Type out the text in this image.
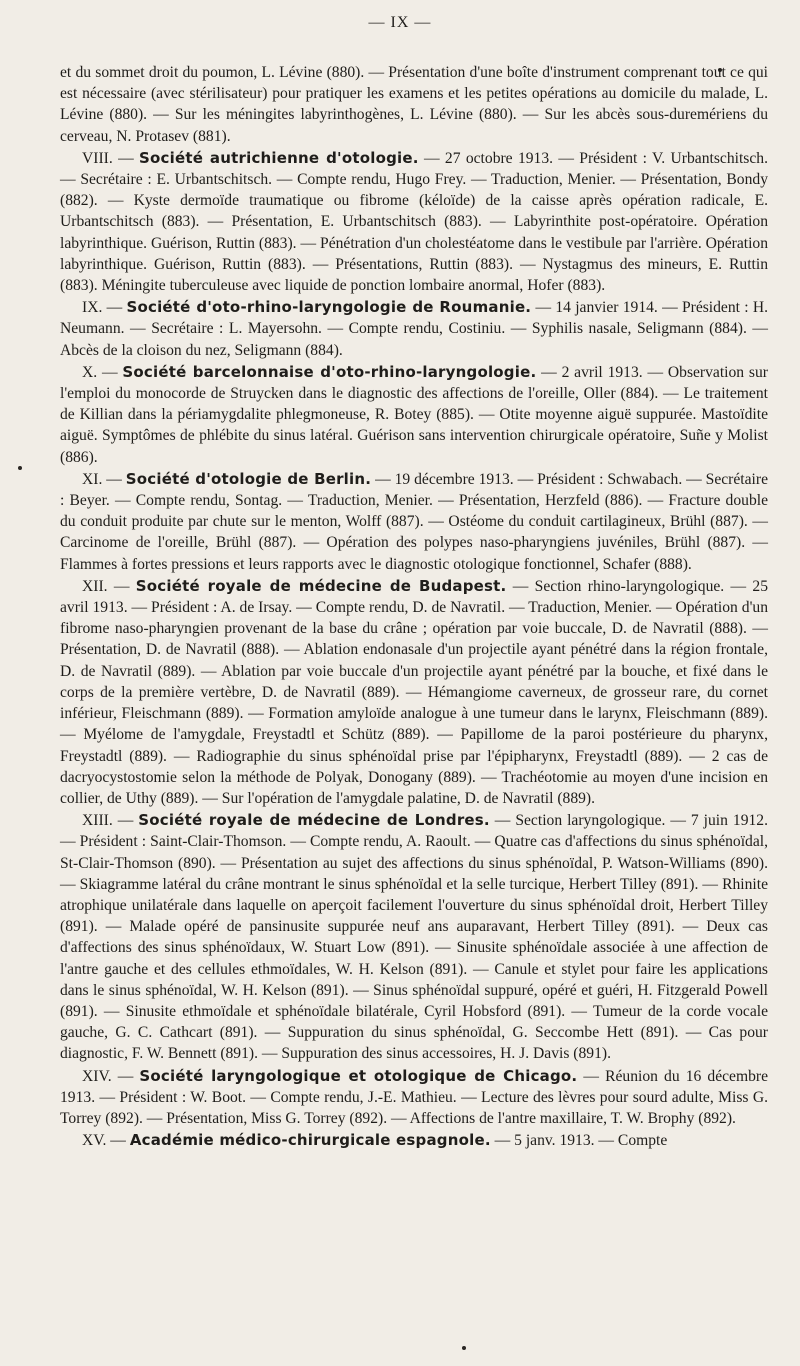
— IX —

et du sommet droit du poumon, L. Lévine (880). — Présentation d'une boîte d'instrument comprenant tout ce qui est nécessaire (avec stérilisateur) pour pratiquer les examens et les petites opérations au domicile du malade, L. Lévine (880). — Sur les méningites labyrinthogènes, L. Lévine (880). — Sur les abcès sous-duremériens du cerveau, N. Protasev (881).

VIII. — Société autrichienne d'otologie. — 27 octobre 1913. — Président : V. Urbantschitsch. — Secrétaire : E. Urbantschitsch. — Compte rendu, Hugo Frey. — Traduction, Menier. — Présentation, Bondy (882). — Kyste dermoïde traumatique ou fibrome (kéloïde) de la caisse après opération radicale, E. Urbantschitsch (883). — Présentation, E. Urbantschitsch (883). — Labyrinthite post-opératoire. Opération labyrinthique. Guérison, Ruttin (883). — Pénétration d'un cholestéatome dans le vestibule par l'arrière. Opération labyrinthique. Guérison, Ruttin (883). — Présentations, Ruttin (883). — Nystagmus des mineurs, E. Ruttin (883). Méningite tuberculeuse avec liquide de ponction lombaire anormal, Hofer (883).

IX. — Société d'oto-rhino-laryngologie de Roumanie. — 14 janvier 1914. — Président : H. Neumann. — Secrétaire : L. Mayersohn. — Compte rendu, Costiniu. — Syphilis nasale, Seligmann (884). — Abcès de la cloison du nez, Seligmann (884).

X. — Société barcelonnaise d'oto-rhino-laryngologie. — 2 avril 1913. — Observation sur l'emploi du monocorde de Struycken dans le diagnostic des affections de l'oreille, Oller (884). — Le traitement de Killian dans la périamygdalite phlegmoneuse, R. Botey (885). — Otite moyenne aiguë suppurée. Mastoïdite aiguë. Symptômes de phlébite du sinus latéral. Guérison sans intervention chirurgicale opératoire, Suñe y Molist (886).

XI. — Société d'otologie de Berlin. — 19 décembre 1913. — Président : Schwabach. — Secrétaire : Beyer. — Compte rendu, Sontag. — Traduction, Menier. — Présentation, Herzfeld (886). — Fracture double du conduit produite par chute sur le menton, Wolff (887). — Ostéome du conduit cartilagineux, Brühl (887). — Carcinome de l'oreille, Brühl (887). — Opération des polypes naso-pharyngiens juvéniles, Brühl (887). — Flammes à fortes pressions et leurs rapports avec le diagnostic otologique fonctionnel, Schafer (888).

XII. — Société royale de médecine de Budapest. — Section rhino-laryngologique. — 25 avril 1913. — Président : A. de Irsay. — Compte rendu, D. de Navratil. — Traduction, Menier. — Opération d'un fibrome naso-pharyngien provenant de la base du crâne ; opération par voie buccale, D. de Navratil (888). — Présentation, D. de Navratil (888). — Ablation endonasale d'un projectile ayant pénétré dans la région frontale, D. de Navratil (889). — Ablation par voie buccale d'un projectile ayant pénétré par la bouche, et fixé dans le corps de la première vertèbre, D. de Navratil (889). — Hémangiome caverneux, de grosseur rare, du cornet inférieur, Fleischmann (889). — Formation amyloïde analogue à une tumeur dans le larynx, Fleischmann (889). — Myélome de l'amygdale, Freystadtl et Schütz (889). — Papillome de la paroi postérieure du pharynx, Freystadtl (889). — Radiographie du sinus sphénoïdal prise par l'épipharynx, Freystadtl (889). — 2 cas de dacryocystostomie selon la méthode de Polyak, Donogany (889). — Trachéotomie au moyen d'une incision en collier, de Uthy (889). — Sur l'opération de l'amygdale palatine, D. de Navratil (889).

XIII. — Société royale de médecine de Londres. — Section laryngologique. — 7 juin 1912. — Président : Saint-Clair-Thomson. — Compte rendu, A. Raoult. — Quatre cas d'affections du sinus sphénoïdal, St-Clair-Thomson (890). — Présentation au sujet des affections du sinus sphénoïdal, P. Watson-Williams (890). — Skiagramme latéral du crâne montrant le sinus sphénoïdal et la selle turcique, Herbert Tilley (891). — Rhinite atrophique unilatérale dans laquelle on aperçoit facilement l'ouverture du sinus sphénoïdal droit, Herbert Tilley (891). — Malade opéré de pansinusite suppurée neuf ans auparavant, Herbert Tilley (891). — Deux cas d'affections des sinus sphénoïdaux, W. Stuart Low (891). — Sinusite sphénoïdale associée à une affection de l'antre gauche et des cellules ethmoïdales, W. H. Kelson (891). — Canule et stylet pour faire les applications dans le sinus sphénoïdal, W. H. Kelson (891). — Sinus sphénoïdal suppuré, opéré et guéri, H. Fitzgerald Powell (891). — Sinusite ethmoïdale et sphénoïdale bilatérale, Cyril Hobsford (891). — Tumeur de la corde vocale gauche, G. C. Cathcart (891). — Suppuration du sinus sphénoïdal, G. Seccombe Hett (891). — Cas pour diagnostic, F. W. Bennett (891). — Suppuration des sinus accessoires, H. J. Davis (891).

XIV. — Société laryngologique et otologique de Chicago. — Réunion du 16 décembre 1913. — Président : W. Boot. — Compte rendu, J.-E. Mathieu. — Lecture des lèvres pour sourd adulte, Miss G. Torrey (892). — Présentation, Miss G. Torrey (892). — Affections de l'antre maxillaire, T. W. Brophy (892).

XV. — Académie médico-chirurgicale espagnole. — 5 janv. 1913. — Compte
